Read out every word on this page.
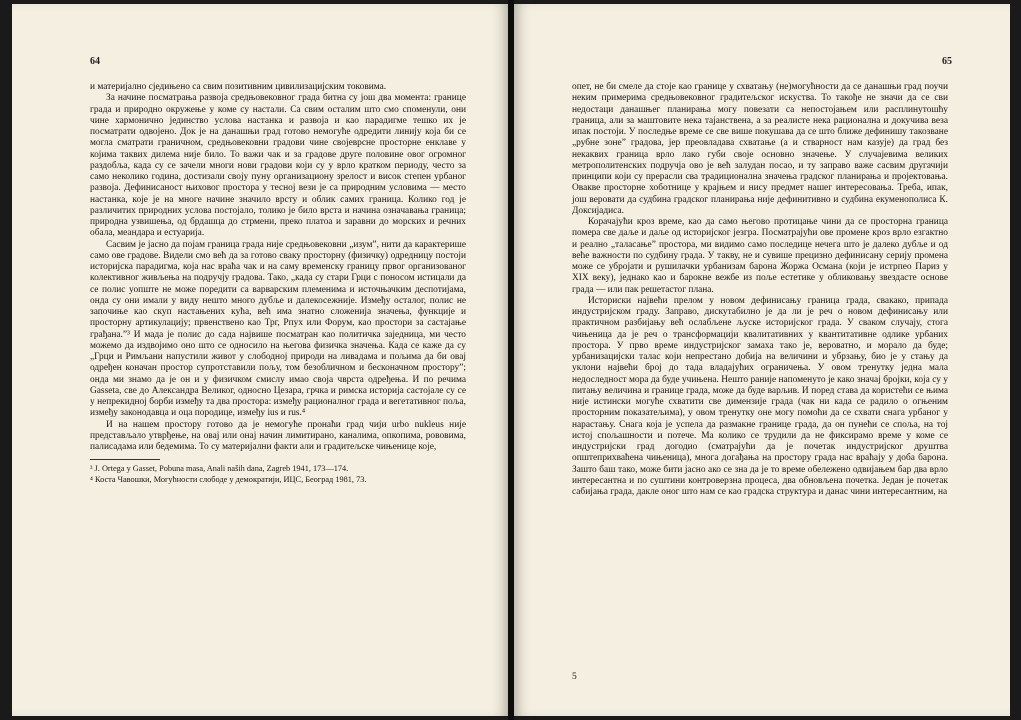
64

и материјално сједињено са свим позитивним цивилизацијским токовима.

За начине посматрања развоја средњовековног града битна су још два момента: границе града и природно окружење у коме су настали. Са свим осталим што смо споменули, они чине хармонично јединство услова настанка и развоја и као парадигме тешко их је посматрати одвојено. Док је на данашњи град готово немогуће одредити линију која би се могла сматрати граничном, средњовековни градови чине својеврсне просторне енклаве у којима таквих дилема није било. То важи чак и за градове друге половине овог огромног раздобља, када су се зачели многи нови градови који су у врло кратком периоду, често за само неколико година, достизали своју пуну организациону зрелост и висок степен урбаног развоја. Дефинисаност њиховог простора у тесној вези је са природним условима — место настанка, које је на многе начине значило врсту и облик самих граница. Колико год је различитих природних услова постојало, толико је било врста и начина означавања граница; природна узвишења, од брдашца до стрмени, преко платоа и заравни до морских и речних обала, меандара и естуарија.

Сасвим је јасно да појам граница града није средњовековни „изум”, нити да карактерише само ове градове. Видели смо већ да за готово сваку просторну (физичку) одредницу постоји историјска парадигма, која нас враћа чак и на саму временску границу првог организованог колективног живљења на подручју градова. Тако, „када су стари Грци с поносом истицали да се полис уопште не може поредити са варварским племенима и источњачким деспотијама, онда су они имали у виду нешто много дубље и далекосежније. Између осталог, полис не започиње као скуп настањених кућа, већ има знатно сложенија значења, функције и просторну артикулацију; првенствено као Трг, Рпух или Форум, као простори за састајање грађана.”³ И мада је полис до сада највише посматран као политичка заједница, ми често можемо да издвојимо оно што се односило на његова физичка значења. Када се каже да су „Грци и Римљани напустили живот у слободној природи на ливадама и пољима да би овај одређен коначан простор супротставили пољу, том безобличном и бесконачном простору”; онда ми знамо да је он и у физичком смислу имао своја чврста одређења. И по речима Gasseta, све до Александра Великог, односно Цезара, грчка и римска историја састојале су се у непрекидној борби између та два простора: између рационалног града и вегетативног поља, између законодавца и оца породице, између ius и rus.⁴

И на нашем простору готово да је немогуће пронаћи град чији urbo nukleus није представљало утврђење, на овај или онај начин лимитирано, каналима, опкопима, рововима, палисадама или бедемима. То су материјални факти али и градитељске чињенице које,

³ J. Ortega y Gasset, Pobuna masa, Anali naših dana, Zagreb 1941, 173—174.

⁴ Коста Чавошки, Могућности слободе у демократији, ИЦС, Београд 1981, 73.

65

опет, не би смеле да стоје као границе у схватању (не)могућности да се данашњи град поучи неким примерима средњовековног градитељског искуства. То такође не значи да се сви недостаци данашњег планирања могу повезати са непостојањем или расплинутошћу граница, али за маштовите нека тајанствена, а за реалисте нека рационална и докучива веза ипак постоји. У последње време се све више покушава да се што ближе дефинишу такозване „рубне зоне” градова, јер преовладава схватање (а и стварност нам казује) да град без некаквих граница врло лако губи своје основно значење. У случајевима великих метрополитенских подручја ово је већ залудан посао, и ту заправо важе сасвим другачији принципи који су прерасли сва традиционална значења градског планирања и пројектовања. Овакве просторне хоботнице у крајњем и нису предмет нашег интересовања. Треба, ипак, још веровати да судбина градског планирања није дефинитивно и судбина екуменополиса К. Доксијадиса.

Корачајући кроз време, као да само његово протицање чини да се просторна граница помера све даље и даље од историјског језгра. Посматрајући ове промене кроз врло езгактно и реално „таласање” простора, ми видимо само последице нечега што је далеко дубље и од веће важности по судбину града. У такву, не и сувише прецизно дефинисану серију промена може се убројати и рушилачки урбанизам барона Жоржа Османа (који је истрпео Париз у XIX веку), једнако као и барокне вежбе из поље естетике у обликовању звездасте основе града — или пак решетастог плана.

Историски највећи прелом у новом дефинисању граница града, свакако, припада индустријском граду. Заправо, дискутабилно је да ли је реч о новом дефинисању или практичном разбијању већ ослабљене љуске историјског града. У сваком случају, стога чињеница да је реч о трансформацији квалитативних у квантитативне одлике урбаних простора. У прво време индустријског замаха тако је, вероватно, и морало да буде; урбанизацијски талас који непрестано добија на величини и убрзању, био је у стању да уклони највећи број до тада владајућих ограничења. У овом тренутку једна мала недоследност мора да буде учињена. Нешто раније напоменуто је како значај бројки, која су у питању величина и границе града, може да буде варљив. И поред става да користећи се њима није истински могуће схватити све димензије града (чак ни када се радило о огњеним просторним показатељима), у овом тренутку оне могу помоћи да се схвати снага урбаног у нарастању. Снага која је успела да размакне границе града, да он пунећи се споља, на тој истој спољашности и потече. Ма колико се трудили да не фиксирамо време у коме се индустријски град догодио (сматрајући да је почетак индустријског друштва општеприхваћена чињеница), многа догађања на простору града нас враћају у доба барона. Зашто баш тако, може бити јасно ако се зна да је то време обележено одвијањем бар два врло интересантна и по суштини контроверзна процеса, два обновљена почетка. Један је почетак сабијања града, дакле оног што нам се као градска структура и данас чини интересантним, на

5
